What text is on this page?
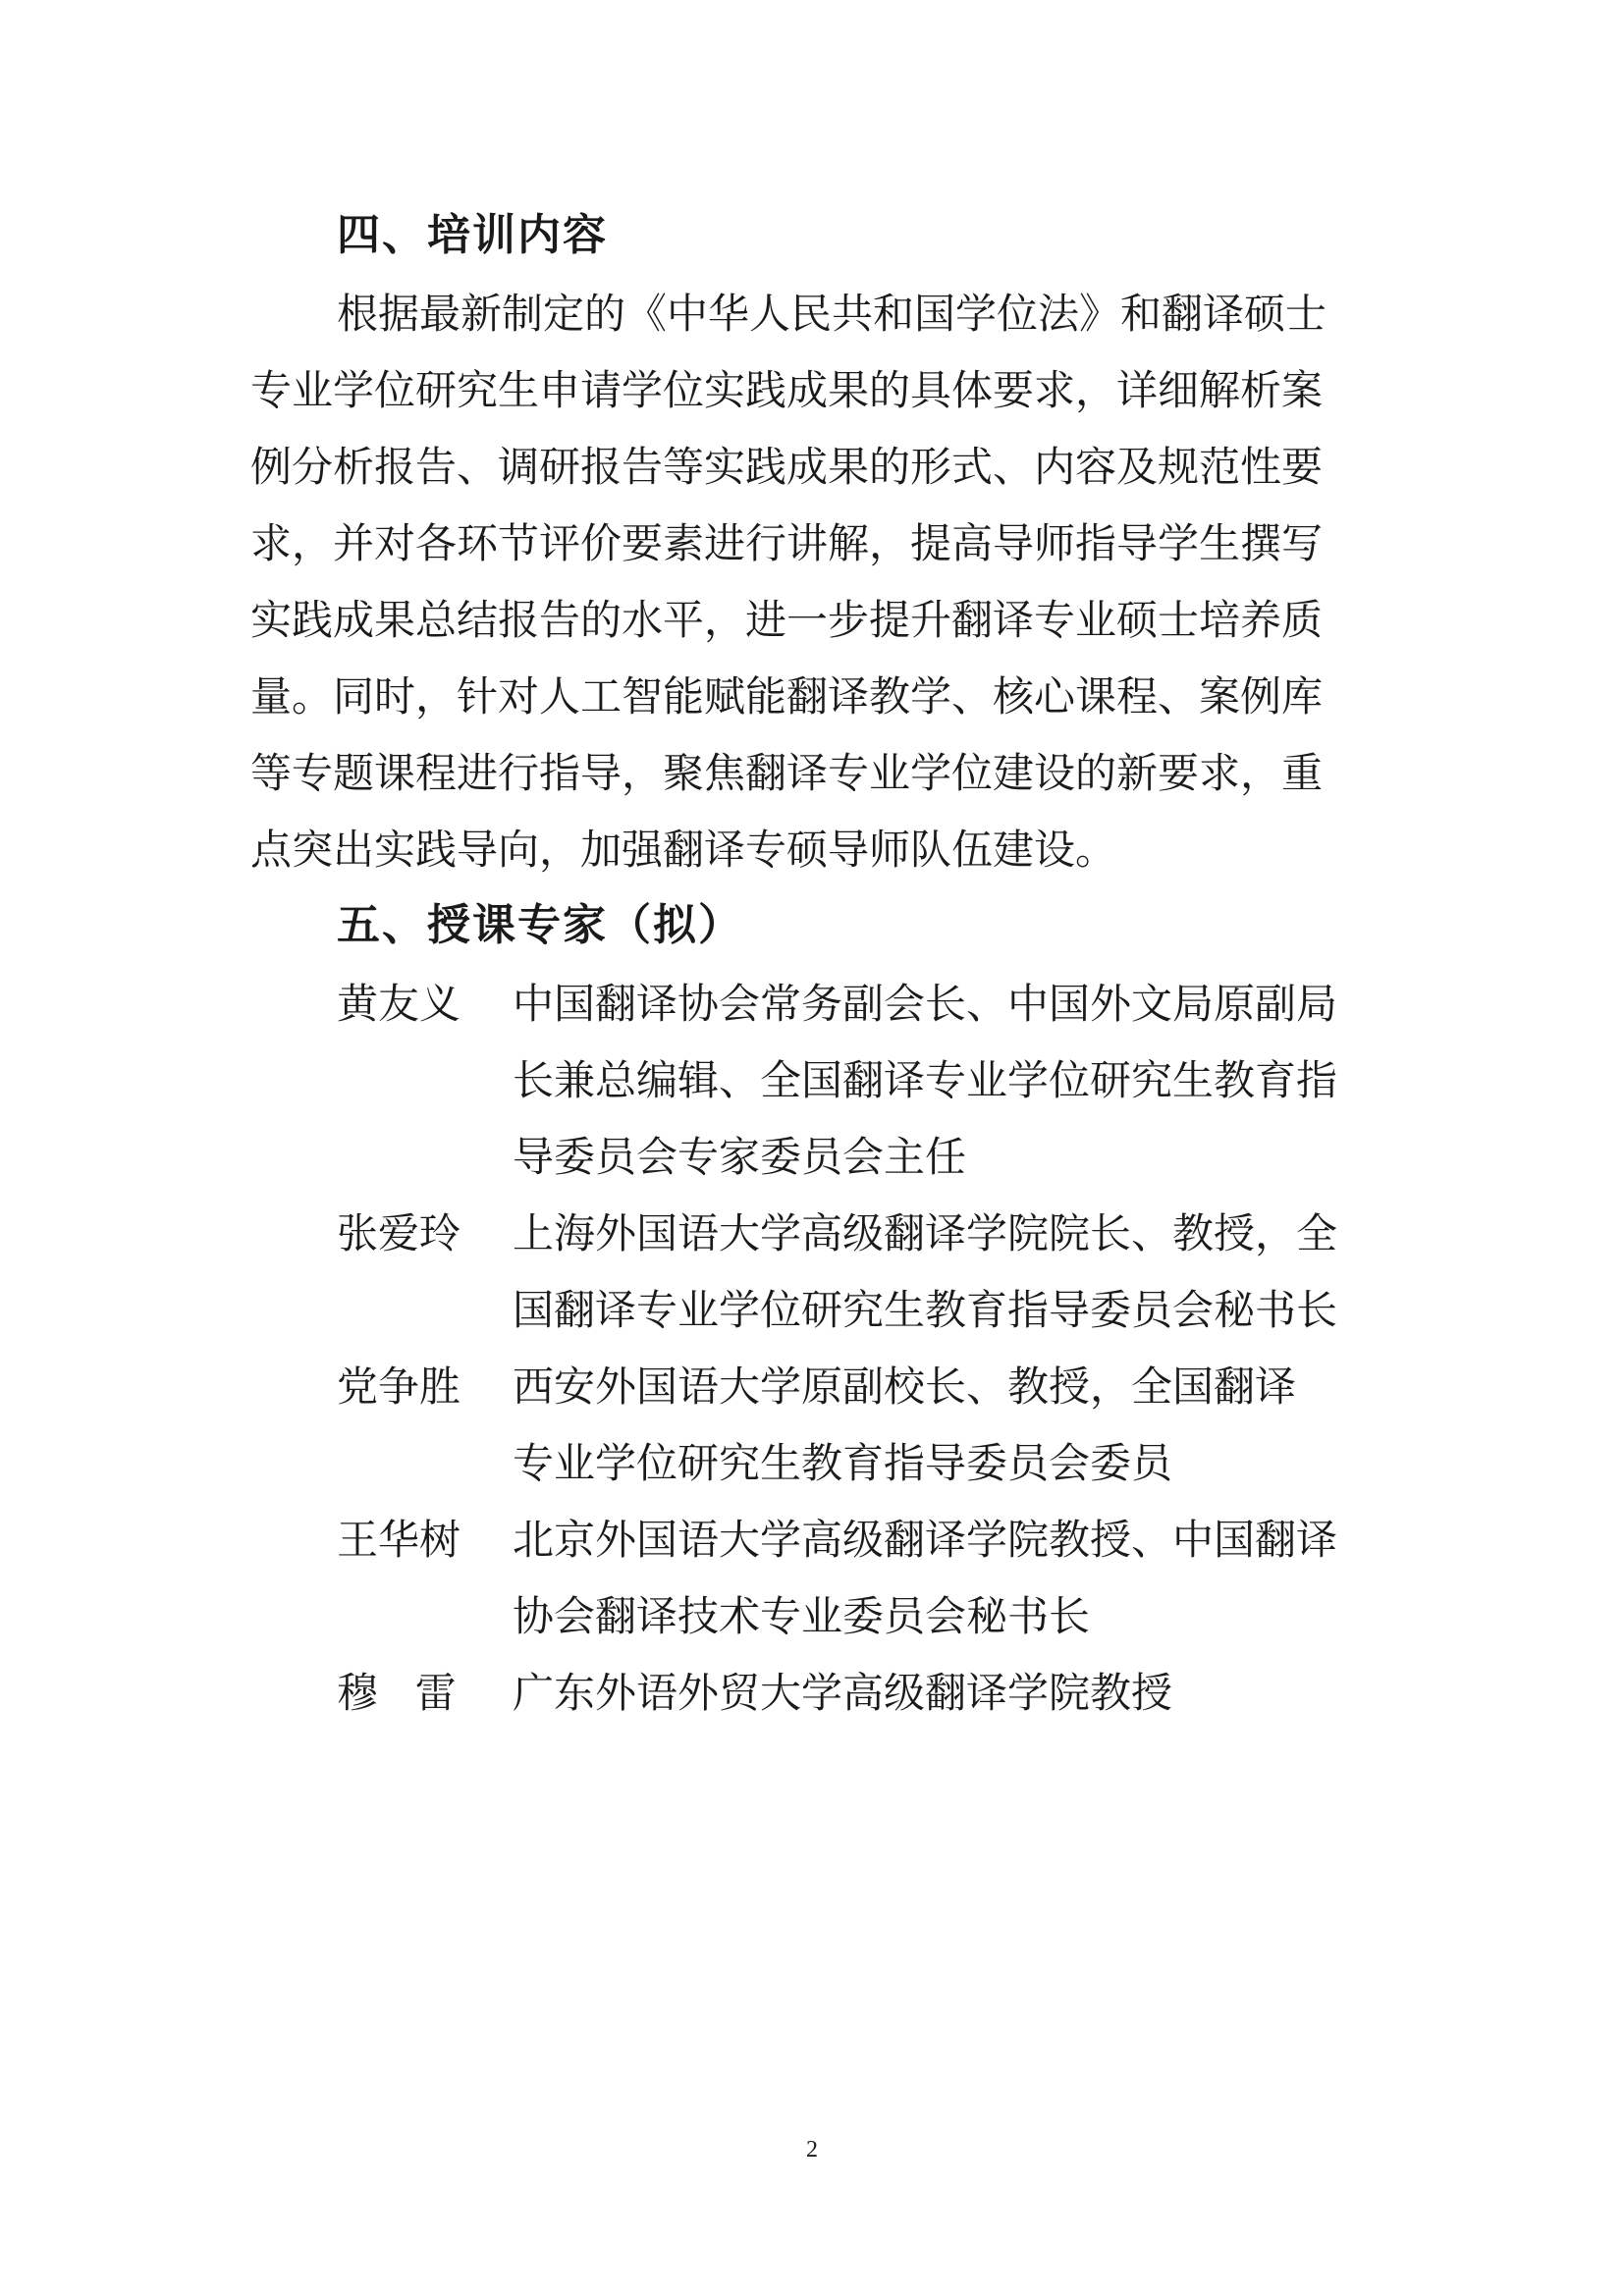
四、培训内容
根据最新制定的《中华人民共和国学位法》和翻译硕士
专业学位研究生申请学位实践成果的具体要求，详细解析案
例分析报告、调研报告等实践成果的形式、内容及规范性要
求，并对各环节评价要素进行讲解，提高导师指导学生撰写
实践成果总结报告的水平，进一步提升翻译专业硕士培养质
量。同时，针对人工智能赋能翻译教学、核心课程、案例库
等专题课程进行指导，聚焦翻译专业学位建设的新要求，重
点突出实践导向，加强翻译专硕导师队伍建设。
五、授课专家（拟）
黄友义 中国翻译协会常务副会长、中国外文局原副局
长兼总编辑、全国翻译专业学位研究生教育指
导委员会专家委员会主任
张爱玲 上海外国语大学高级翻译学院院长、教授，全
国翻译专业学位研究生教育指导委员会秘书长
党争胜 西安外国语大学原副校长、教授，全国翻译
专业学位研究生教育指导委员会委员
王华树 北京外国语大学高级翻译学院教授、中国翻译
协会翻译技术专业委员会秘书长
穆雷 广东外语外贸大学高级翻译学院教授
2
